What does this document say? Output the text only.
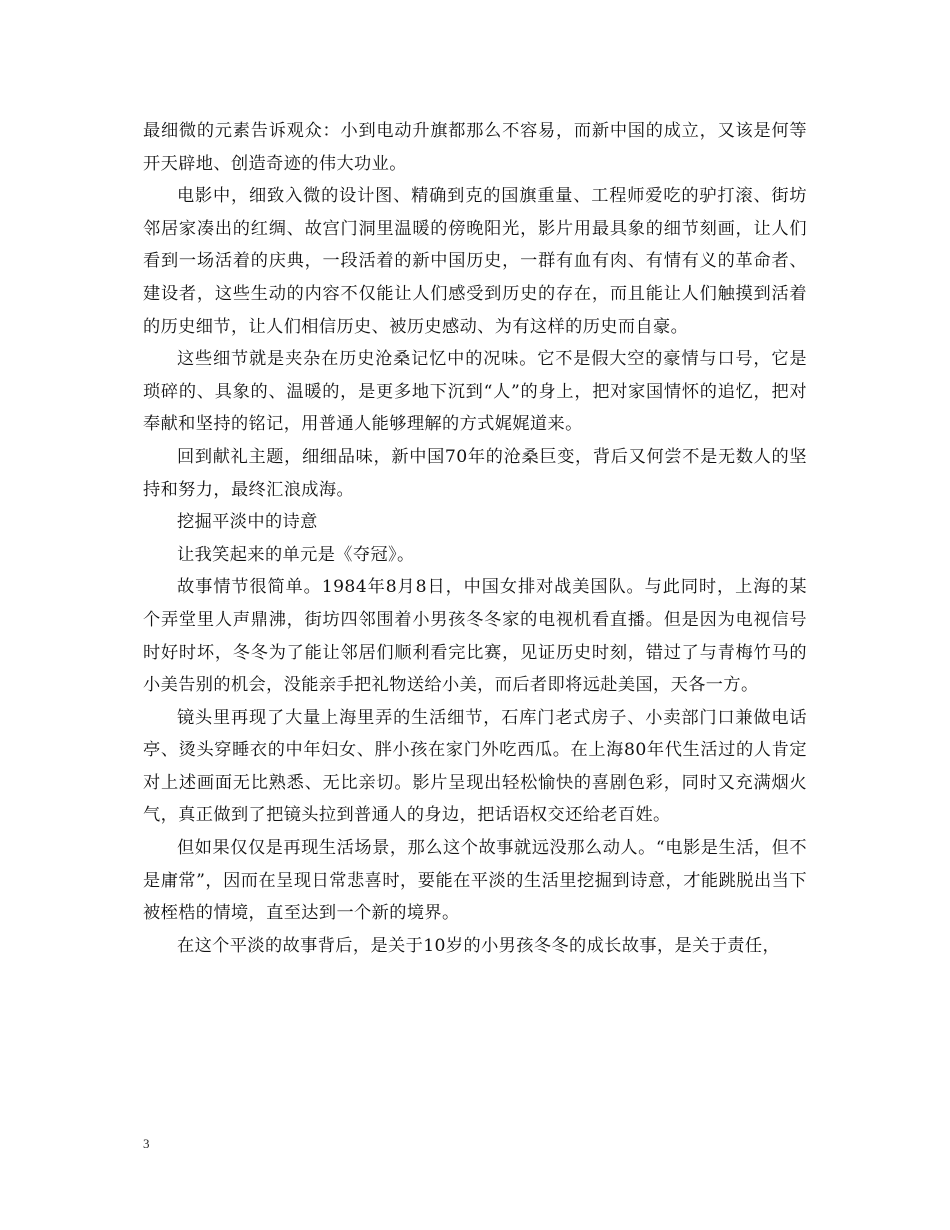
最细微的元素告诉观众：小到电动升旗都那么不容易，而新中国的成立，又该是何等开天辟地、创造奇迹的伟大功业。

电影中，细致入微的设计图、精确到克的国旗重量、工程师爱吃的驴打滚、街坊邻居家凑出的红绸、故宫门洞里温暖的傍晚阳光，影片用最具象的细节刻画，让人们看到一场活着的庆典，一段活着的新中国历史，一群有血有肉、有情有义的革命者、建设者，这些生动的内容不仅能让人们感受到历史的存在，而且能让人们触摸到活着的历史细节，让人们相信历史、被历史感动、为有这样的历史而自豪。

这些细节就是夹杂在历史沧桑记忆中的况味。它不是假大空的豪情与口号，它是琐碎的、具象的、温暖的，是更多地下沉到“人”的身上，把对家国情怀的追忆，把对奉献和坚持的铭记，用普通人能够理解的方式娓娓道来。

回到献礼主题，细细品味，新中国70年的沧桑巨变，背后又何尝不是无数人的坚持和努力，最终汇浪成海。

挖掘平淡中的诗意

让我笑起来的单元是《夺冠》。

故事情节很简单。1984年8月8日，中国女排对战美国队。与此同时，上海的某个弄堂里人声鼎沸，街坊四邻围着小男孩冬冬家的电视机看直播。但是因为电视信号时好时坏，冬冬为了能让邻居们顺利看完比赛，见证历史时刻，错过了与青梅竹马的小美告别的机会，没能亲手把礼物送给小美，而后者即将远赴美国，天各一方。

镜头里再现了大量上海里弄的生活细节，石库门老式房子、小卖部门口兼做电话亭、烫头穿睡衣的中年妇女、胖小孩在家门外吃西瓜。在上海80年代生活过的人肯定对上述画面无比熟悉、无比亲切。影片呈现出轻松愉快的喜剧色彩，同时又充满烟火气，真正做到了把镜头拉到普通人的身边，把话语权交还给老百姓。

但如果仅仅是再现生活场景，那么这个故事就远没那么动人。“电影是生活，但不是庸常”，因而在呈现日常悲喜时，要能在平淡的生活里挖掘到诗意，才能跳脱出当下被桎梏的情境，直至达到一个新的境界。

在这个平淡的故事背后，是关于10岁的小男孩冬冬的成长故事，是关于责任，

3
